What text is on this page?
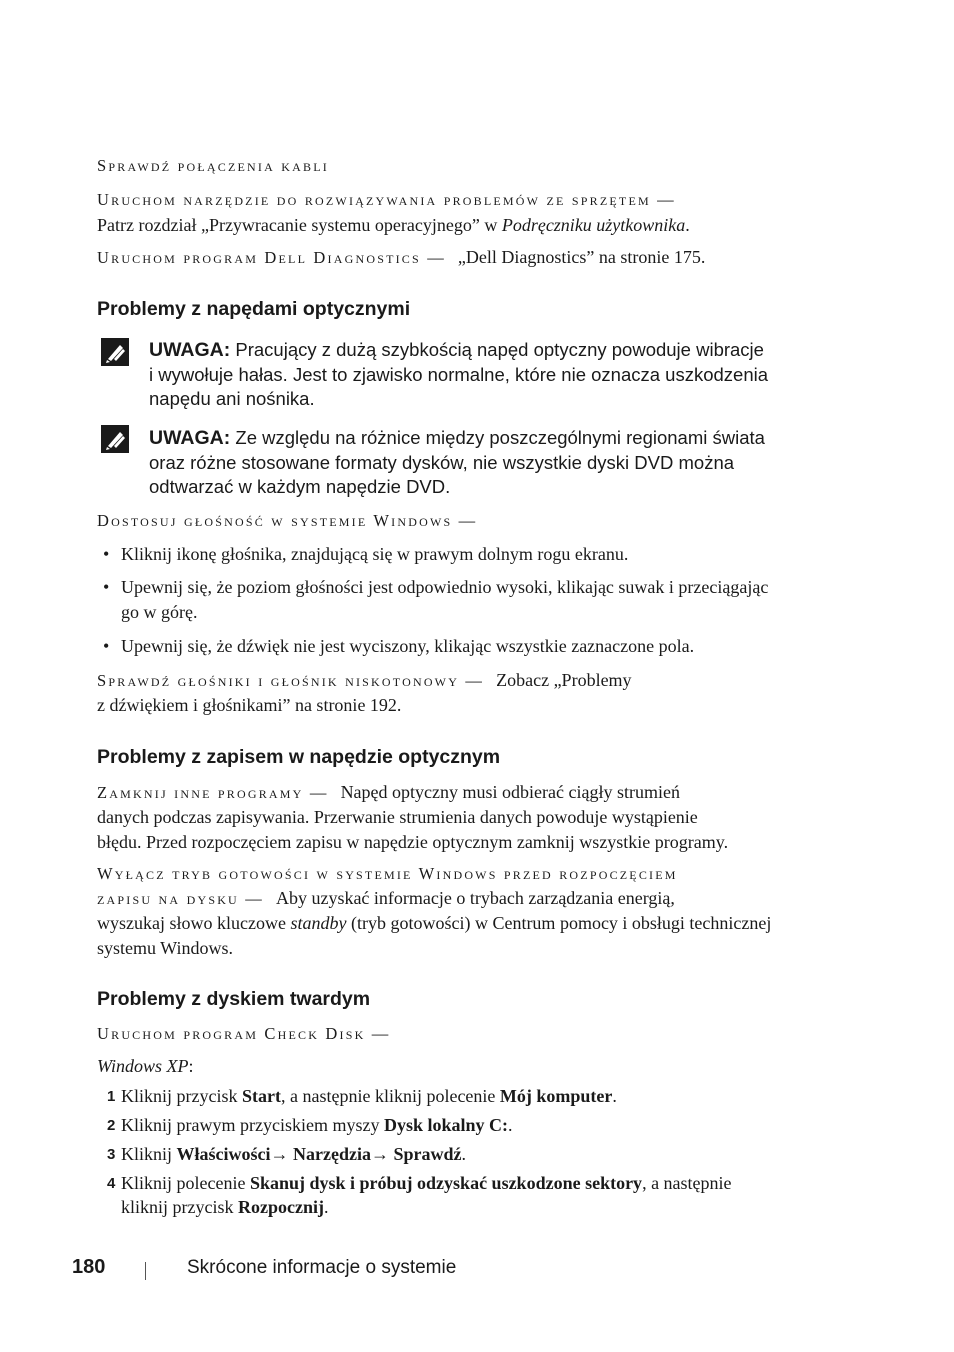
Sprawdź połączenia kabli
Uruchom narzędzie do rozwiązywania problemów ze sprzętem —
Patrz rozdział „Przywracanie systemu operacyjnego” w Podręczniku użytkownika.
Uruchom program Dell Diagnostics — „Dell Diagnostics” na stronie 175.
Problemy z napędami optycznymi
UWAGA: Pracujący z dużą szybkością napęd optyczny powoduje wibracje
i wywołuje hałas. Jest to zjawisko normalne, które nie oznacza uszkodzenia
napędu ani nośnika.
UWAGA: Ze względu na różnice między poszczególnymi regionami świata
oraz różne stosowane formaty dysków, nie wszystkie dyski DVD można
odtwarzać w każdym napędzie DVD.
Dostosuj głośność w systemie Windows —
• Kliknij ikonę głośnika, znajdującą się w prawym dolnym rogu ekranu.
• Upewnij się, że poziom głośności jest odpowiednio wysoki, klikając suwak i przeciągając
go w górę.
• Upewnij się, że dźwięk nie jest wyciszony, klikając wszystkie zaznaczone pola.
Sprawdź głośniki i głośnik niskotonowy — Zobacz „Problemy
z dźwiękiem i głośnikami” na stronie 192.
Problemy z zapisem w napędzie optycznym
Zamknij inne programy — Napęd optyczny musi odbierać ciągły strumień
danych podczas zapisywania. Przerwanie strumienia danych powoduje wystąpienie
błędu. Przed rozpoczęciem zapisu w napędzie optycznym zamknij wszystkie programy.
Wyłącz tryb gotowości w systemie Windows przed rozpoczęciem
zapisu na dysku — Aby uzyskać informacje o trybach zarządzania energią,
wyszukaj słowo kluczowe standby (tryb gotowości) w Centrum pomocy i obsługi technicznej
systemu Windows.
Problemy z dyskiem twardym
Uruchom program Check Disk —
Windows XP:
1 Kliknij przycisk Start, a następnie kliknij polecenie Mój komputer.
2 Kliknij prawym przyciskiem myszy Dysk lokalny C:.
3 Kliknij Właściwości→ Narzędzia→ Sprawdź.
4 Kliknij polecenie Skanuj dysk i próbuj odzyskać uszkodzone sektory, a następnie
kliknij przycisk Rozpocznij.
180	Skrócone informacje o systemie
